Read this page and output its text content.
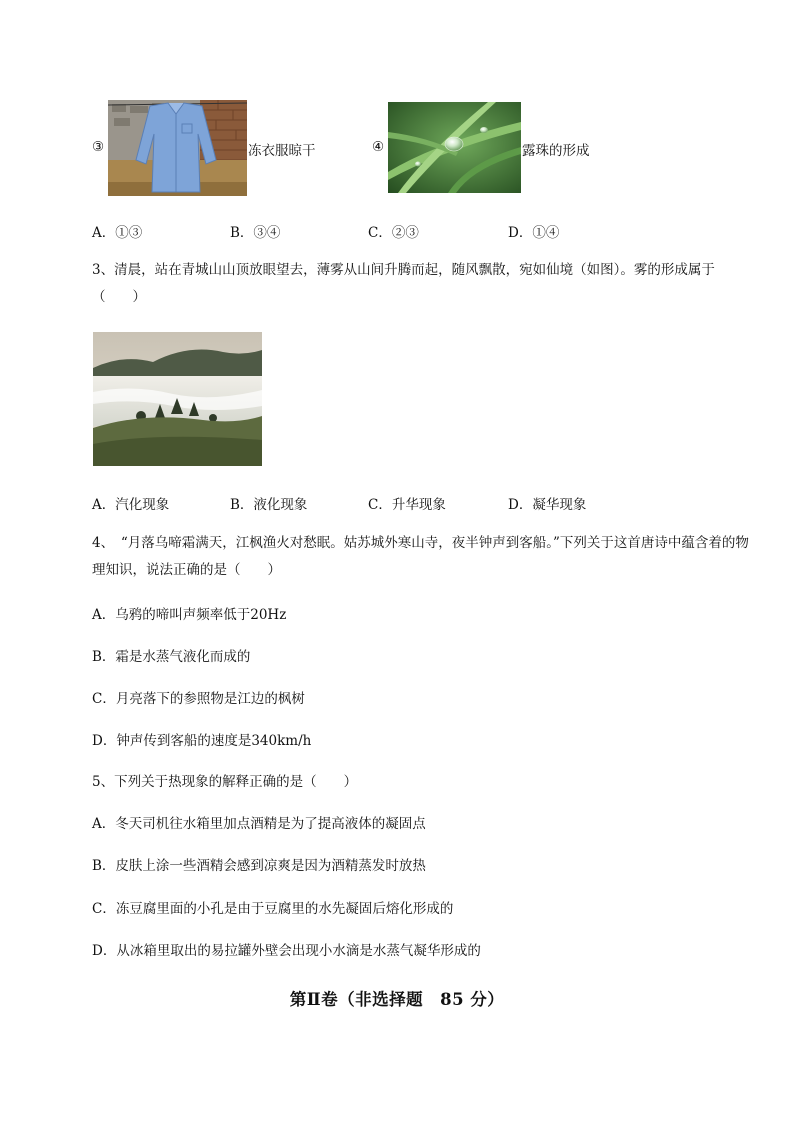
③	冻衣服晾干	④	露珠的形成
A．①③	B．③④	C．②③	D．①④
3、清晨，站在青城山山顶放眼望去，薄雾从山间升腾而起，随风飘散，宛如仙境（如图）。雾的形成属于（　　）
A．汽化现象	B．液化现象	C．升华现象	D．凝华现象
4、　“月落乌啼霜满天，江枫渔火对愁眠。姑苏城外寒山寺，夜半钟声到客船。”下列关于这首唐诗中蕴含着的物理知识，说法正确的是（　　）
A．乌鸦的啼叫声频率低于20Hz
B．霜是水蒸气液化而成的
C．月亮落下的参照物是江边的枫树
D．钟声传到客船的速度是340km/h
5、下列关于热现象的解释正确的是（　　）
A．冬天司机往水箱里加点酒精是为了提高液体的凝固点
B．皮肤上涂一些酒精会感到凉爽是因为酒精蒸发时放热
C．冻豆腐里面的小孔是由于豆腐里的水先凝固后熔化形成的
D．从冰箱里取出的易拉罐外壁会出现小水滴是水蒸气凝华形成的
第Ⅱ卷（非选择题　85 分）
